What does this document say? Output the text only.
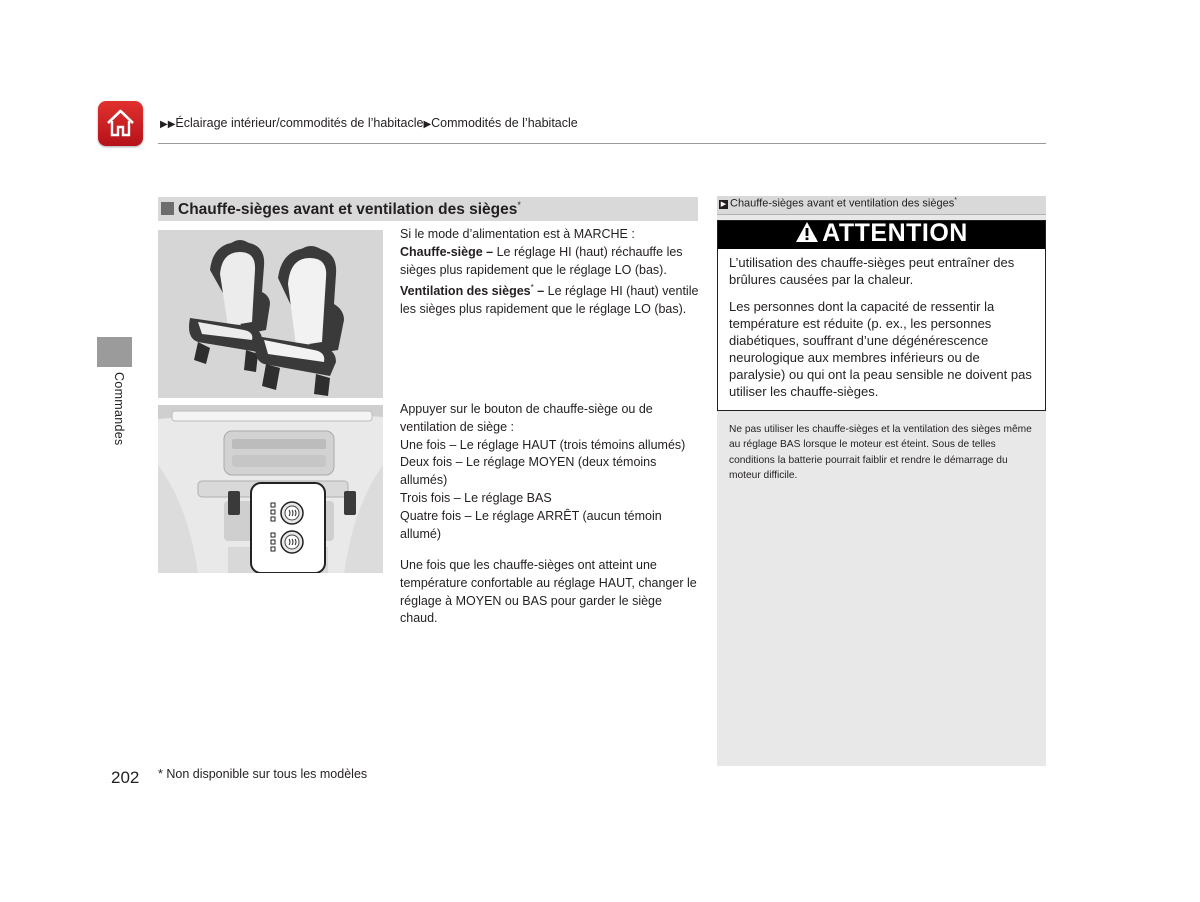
▶▶Éclairage intérieur/commodités de l’habitacle▶Commodités de l’habitacle
Commandes
Chauffe-sièges avant et ventilation des sièges*
Si le mode d’alimentation est à MARCHE :
Chauffe-siège – Le réglage HI (haut) réchauffe les sièges plus rapidement que le réglage LO (bas).
Ventilation des sièges* – Le réglage HI (haut) ventile les sièges plus rapidement que le réglage LO (bas).
Appuyer sur le bouton de chauffe-siège ou de ventilation de siège :
Une fois – Le réglage HAUT (trois témoins allumés)
Deux fois – Le réglage MOYEN (deux témoins allumés)
Trois fois – Le réglage BAS
Quatre fois – Le réglage ARRÊT (aucun témoin allumé)
Une fois que les chauffe-sièges ont atteint une température confortable au réglage HAUT, changer le réglage à MOYEN ou BAS pour garder le siège chaud.
▶ Chauffe-sièges avant et ventilation des sièges*
ATTENTION
L’utilisation des chauffe-sièges peut entraîner des brûlures causées par la chaleur.
Les personnes dont la capacité de ressentir la température est réduite (p. ex., les personnes diabétiques, souffrant d’une dégénérescence neurologique aux membres inférieurs ou de paralysie) ou qui ont la peau sensible ne doivent pas utiliser les chauffe-sièges.
Ne pas utiliser les chauffe-sièges et la ventilation des sièges même au réglage BAS lorsque le moteur est éteint. Sous de telles conditions la batterie pourrait faiblir et rendre le démarrage du moteur difficile.
202 * Non disponible sur tous les modèles
